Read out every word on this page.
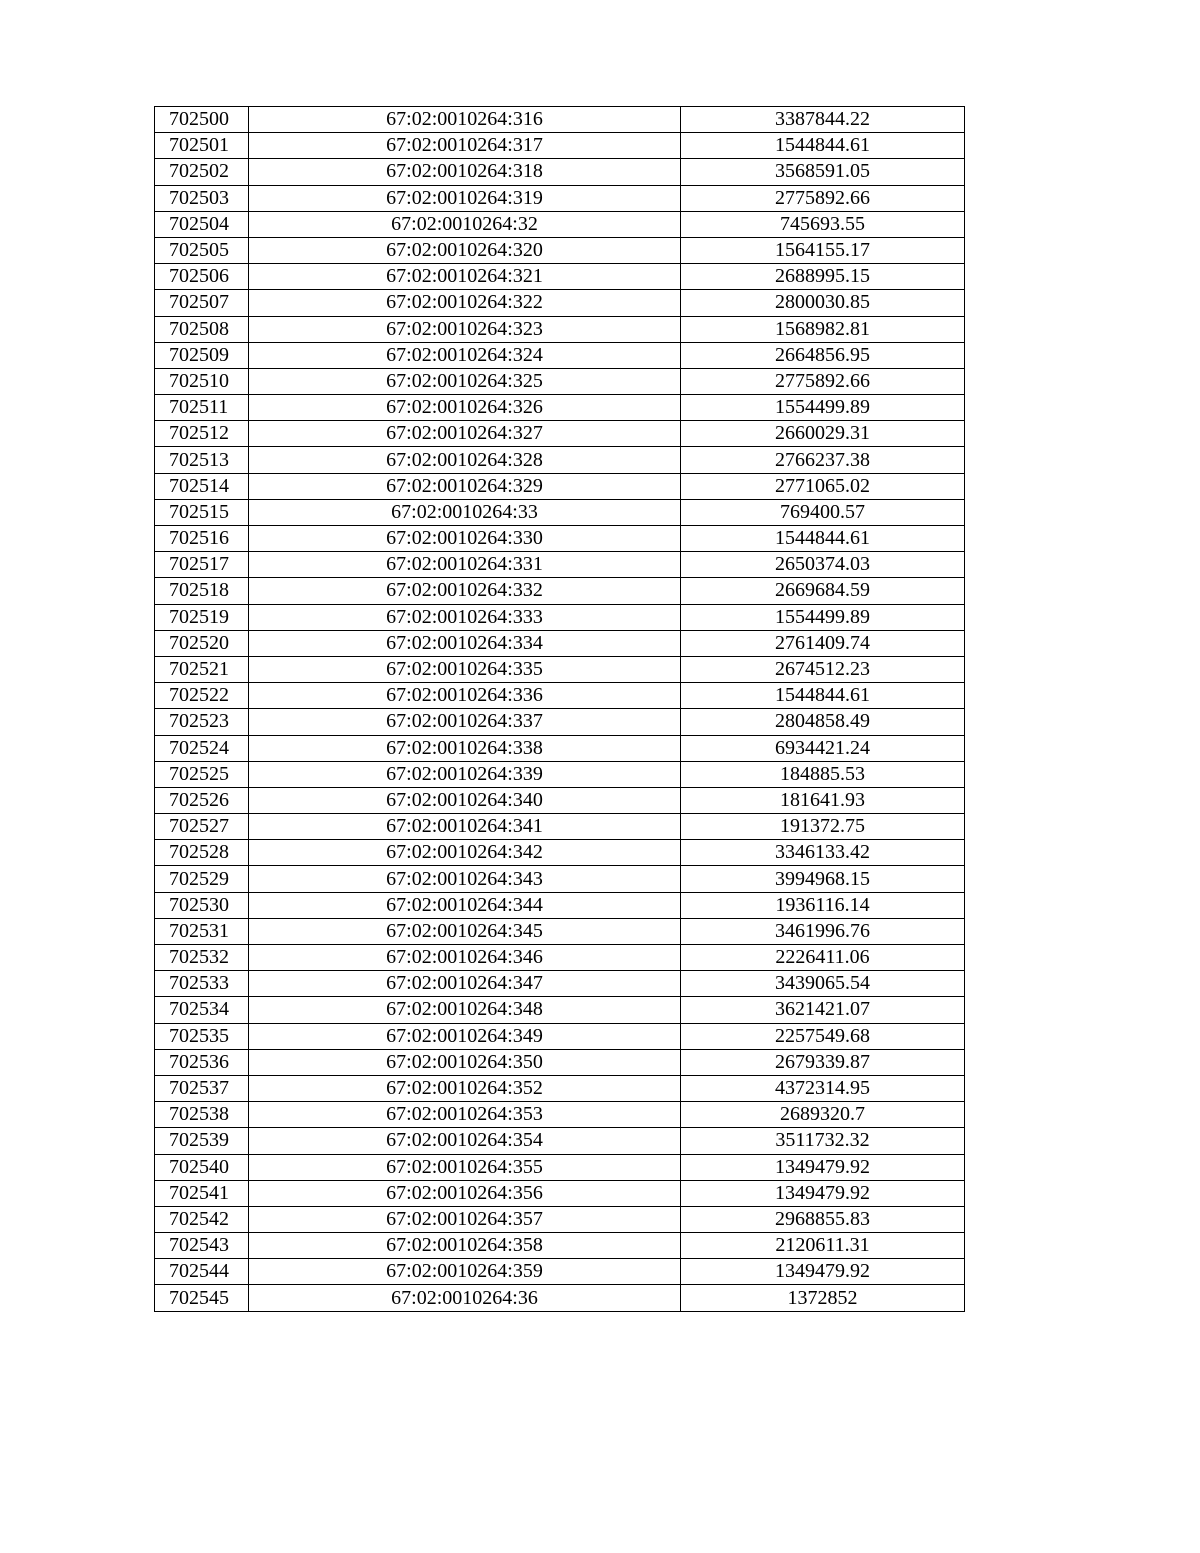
702500	67:02:0010264:316	3387844.22
702501	67:02:0010264:317	1544844.61
702502	67:02:0010264:318	3568591.05
702503	67:02:0010264:319	2775892.66
702504	67:02:0010264:32	745693.55
702505	67:02:0010264:320	1564155.17
702506	67:02:0010264:321	2688995.15
702507	67:02:0010264:322	2800030.85
702508	67:02:0010264:323	1568982.81
702509	67:02:0010264:324	2664856.95
702510	67:02:0010264:325	2775892.66
702511	67:02:0010264:326	1554499.89
702512	67:02:0010264:327	2660029.31
702513	67:02:0010264:328	2766237.38
702514	67:02:0010264:329	2771065.02
702515	67:02:0010264:33	769400.57
702516	67:02:0010264:330	1544844.61
702517	67:02:0010264:331	2650374.03
702518	67:02:0010264:332	2669684.59
702519	67:02:0010264:333	1554499.89
702520	67:02:0010264:334	2761409.74
702521	67:02:0010264:335	2674512.23
702522	67:02:0010264:336	1544844.61
702523	67:02:0010264:337	2804858.49
702524	67:02:0010264:338	6934421.24
702525	67:02:0010264:339	184885.53
702526	67:02:0010264:340	181641.93
702527	67:02:0010264:341	191372.75
702528	67:02:0010264:342	3346133.42
702529	67:02:0010264:343	3994968.15
702530	67:02:0010264:344	1936116.14
702531	67:02:0010264:345	3461996.76
702532	67:02:0010264:346	2226411.06
702533	67:02:0010264:347	3439065.54
702534	67:02:0010264:348	3621421.07
702535	67:02:0010264:349	2257549.68
702536	67:02:0010264:350	2679339.87
702537	67:02:0010264:352	4372314.95
702538	67:02:0010264:353	2689320.7
702539	67:02:0010264:354	3511732.32
702540	67:02:0010264:355	1349479.92
702541	67:02:0010264:356	1349479.92
702542	67:02:0010264:357	2968855.83
702543	67:02:0010264:358	2120611.31
702544	67:02:0010264:359	1349479.92
702545	67:02:0010264:36	1372852
